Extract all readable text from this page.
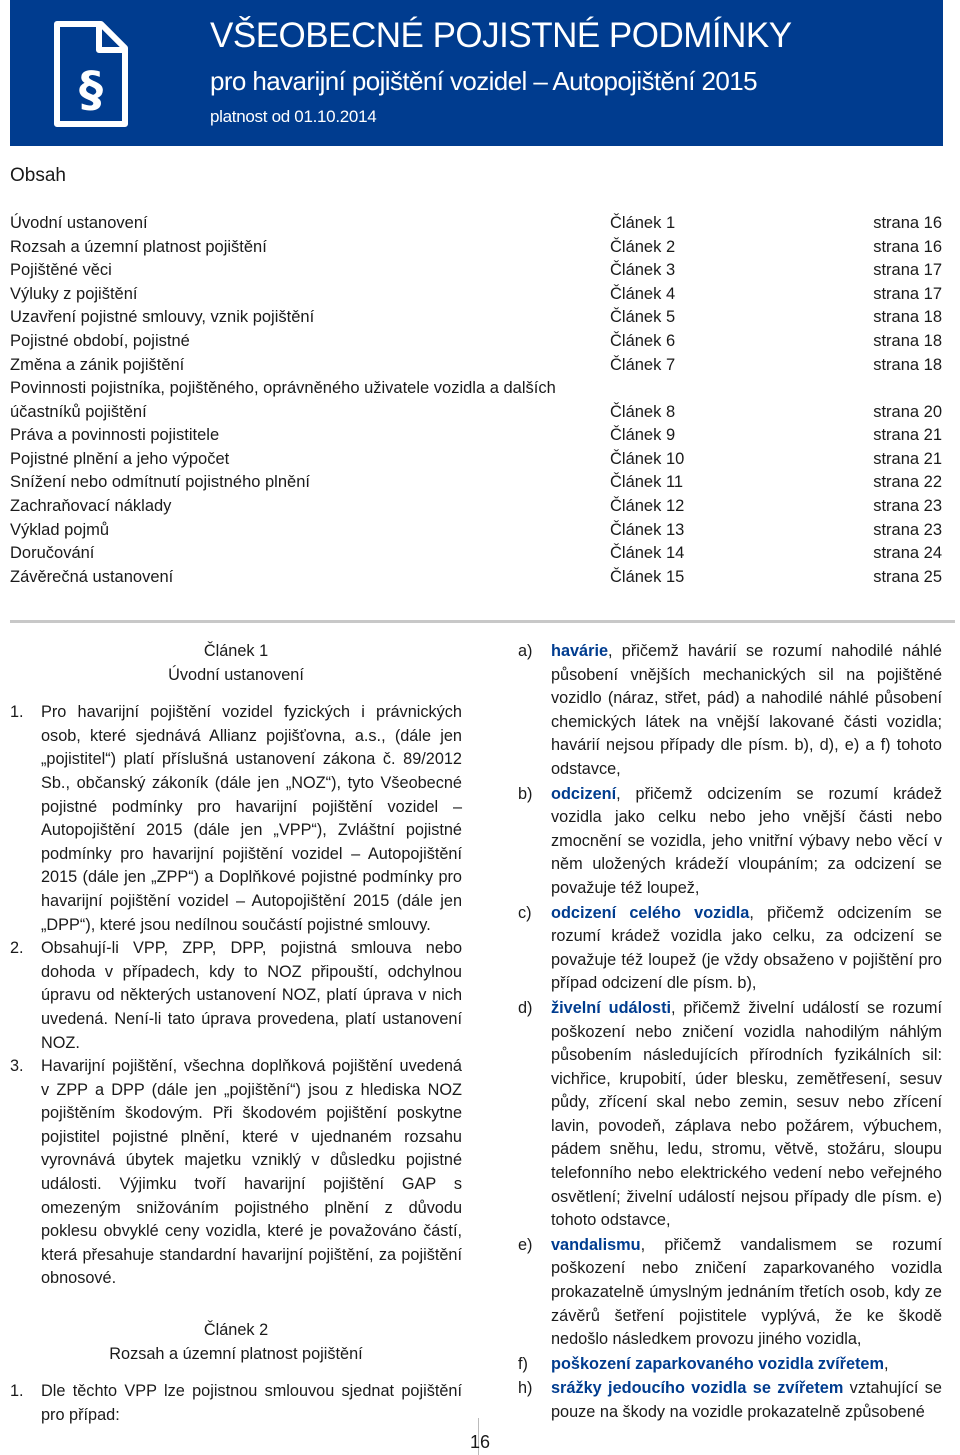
§
VŠEOBECNÉ POJISTNÉ PODMÍNKY
pro havarijní pojištění vozidel – Autopojištění 2015
platnost od 01.10.2014
Obsah
Úvodní ustanovení	Článek 1	strana 16
Rozsah a územní platnost pojištění	Článek 2	strana 16
Pojištěné věci	Článek 3	strana 17
Výluky z pojištění	Článek 4	strana 17
Uzavření pojistné smlouvy, vznik pojištění	Článek 5	strana 18
Pojistné období, pojistné	Článek 6	strana 18
Změna a zánik pojištění	Článek 7	strana 18
Povinnosti pojistníka, pojištěného, oprávněného uživatele vozidla a dalších účastníků pojištění	Článek 8	strana 20
Práva a povinnosti pojistitele	Článek 9	strana 21
Pojistné plnění a jeho výpočet	Článek 10	strana 21
Snížení nebo odmítnutí pojistného plnění	Článek 11	strana 22
Zachraňovací náklady	Článek 12	strana 23
Výklad pojmů	Článek 13	strana 23
Doručování	Článek 14	strana 24
Závěrečná ustanovení	Článek 15	strana 25

Článek 1

Úvodní ustanovení

1.	Pro havarijní pojištění vozidel fyzických i právnických osob, které sjednává Allianz pojišťovna, a.s., (dále jen „pojistitel“) platí příslušná ustanovení zákona č. 89/2012 Sb., občanský zákoník (dále jen „NOZ“), tyto Všeobecné pojistné podmínky pro havarijní pojištění vozidel – Autopojištění 2015 (dále jen „VPP“), Zvláštní pojistné podmínky pro havarijní pojištění vozidel – Autopojištění 2015 (dále jen „ZPP“) a Doplňkové pojistné podmínky pro havarijní pojištění vozidel – Autopojištění 2015 (dále jen „DPP“), které jsou nedílnou součástí pojistné smlouvy.

2.	Obsahují-li VPP, ZPP, DPP, pojistná smlouva nebo dohoda v případech, kdy to NOZ připouští, odchylnou úpravu od některých ustanovení NOZ, platí úprava v nich uvedená. Není-li tato úprava provedena, platí ustanovení NOZ.

3.	Havarijní pojištění, všechna doplňková pojištění uvedená v ZPP a DPP (dále jen „pojištění“) jsou z hlediska NOZ pojištěním škodovým. Při škodovém pojištění poskytne pojistitel pojistné plnění, které v ujednaném rozsahu vyrovnává úbytek majetku vzniklý v důsledku pojistné události. Výjimku tvoří havarijní pojištění GAP s omezeným snižováním pojistného plnění z důvodu poklesu obvyklé ceny vozidla, které je považováno částí, která přesahuje standardní havarijní pojištění, za pojištění obnosové.

Článek 2

Rozsah a územní platnost pojištění

1.	Dle těchto VPP lze pojistnou smlouvou sjednat pojištění pro případ:

a)	havárie, přičemž havárií se rozumí nahodilé náhlé působení vnějších mechanických sil na pojištěné vozidlo (náraz, střet, pád) a nahodilé náhlé působení chemických látek na vnější lakované části vozidla; havárií nejsou případy dle písm. b), d), e) a f) tohoto odstavce,

b)	odcizení, přičemž odcizením se rozumí krádež vozidla jako celku nebo jeho vnější části nebo zmocnění se vozidla, jeho vnitřní výbavy nebo věcí v něm uložených krádeží vloupáním; za odcizení se považuje též loupež,

c)	odcizení celého vozidla, přičemž odcizením se rozumí krádež vozidla jako celku, za odcizení se považuje též loupež (je vždy obsaženo v pojištění pro případ odcizení dle písm. b),

d)	živelní události, přičemž živelní událostí se rozumí poškození nebo zničení vozidla nahodilým náhlým působením následujících přírodních fyzikálních sil: vichřice, krupobití, úder blesku, zemětřesení, sesuv půdy, zřícení skal nebo zemin, sesuv nebo zřícení lavin, povodeň, záplava nebo požárem, výbuchem, pádem sněhu, ledu, stromu, větvě, stožáru, sloupu telefonního nebo elektrického vedení nebo veřejného osvětlení; živelní událostí nejsou případy dle písm. e) tohoto odstavce,

e)	vandalismu, přičemž vandalismem se rozumí poškození nebo zničení zaparkovaného vozidla prokazatelně úmyslným jednáním třetích osob, kdy ze závěrů šetření pojistitele vyplývá, že ke škodě nedošlo následkem provozu jiného vozidla,

f)	poškození zaparkovaného vozidla zvířetem,

h)	srážky jedoucího vozidla se zvířetem vztahující se pouze na škody na vozidle prokazatelně způsobené

16
